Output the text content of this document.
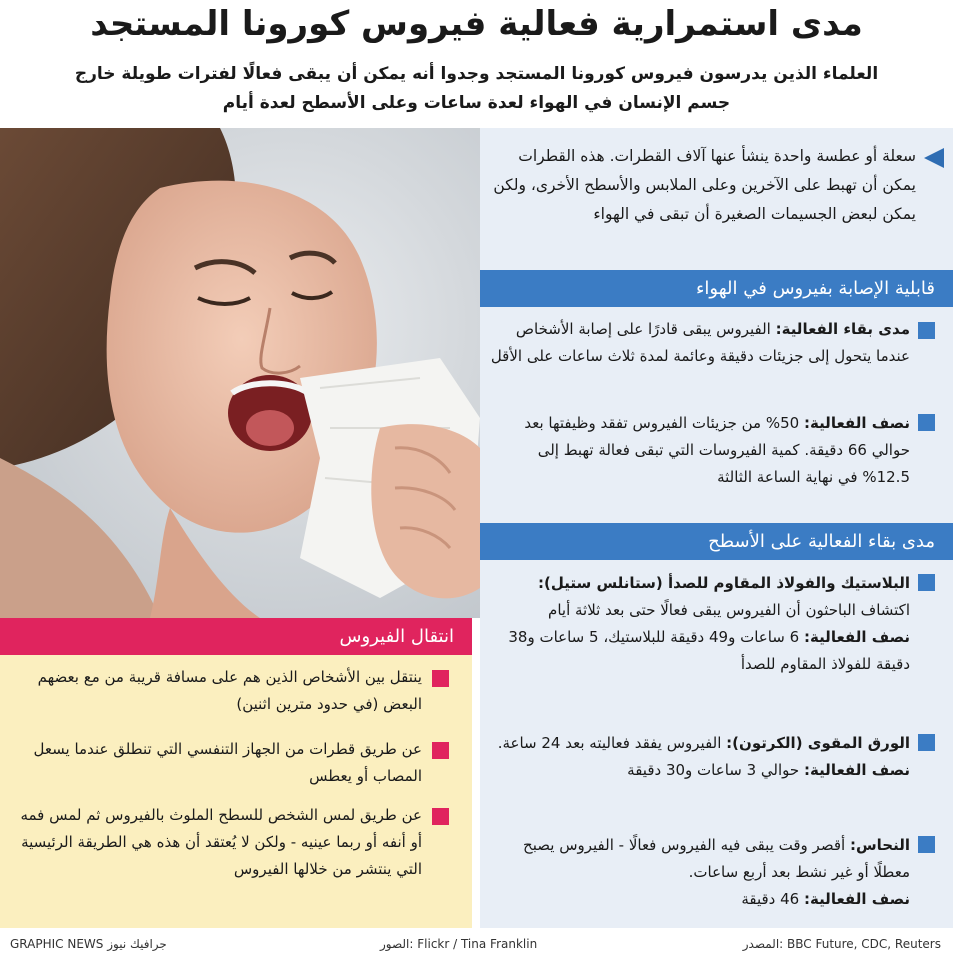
مدى استمرارية فعالية فيروس كورونا المستجد
العلماء الذين يدرسون فيروس كورونا المستجد وجدوا أنه يمكن أن يبقى فعالًا لفترات طويلة خارج جسم الإنسان في الهواء لعدة ساعات وعلى الأسطح لعدة أيام
سعلة أو عطسة واحدة ينشأ عنها آلاف القطرات. هذه القطرات يمكن أن تهبط على الآخرين وعلى الملابس والأسطح الأخرى، ولكن يمكن لبعض الجسيمات الصغيرة أن تبقى في الهواء
قابلية الإصابة بفيروس في الهواء
مدى بقاء الفعالية: الفيروس يبقى قادرًا على إصابة الأشخاص عندما يتحول إلى جزيئات دقيقة وعائمة لمدة ثلاث ساعات على الأقل
نصف الفعالية: 50% من جزيئات الفيروس تفقد وظيفتها بعد حوالي 66 دقيقة. كمية الفيروسات التي تبقى فعالة تهبط إلى 12.5% في نهاية الساعة الثالثة
مدى بقاء الفعالية على الأسطح
البلاستيك والفولاذ المقاوم للصدأ (ستانلس ستيل):
اكتشاف الباحثون أن الفيروس يبقى فعالًا حتى بعد ثلاثة أيام
نصف الفعالية: 6 ساعات و49 دقيقة للبلاستيك، 5 ساعات و38 دقيقة للفولاذ المقاوم للصدأ
الورق المقوى (الكرتون): الفيروس يفقد فعاليته بعد 24 ساعة.
نصف الفعالية: حوالي 3 ساعات و30 دقيقة
النحاس: أقصر وقت يبقى فيه الفيروس فعالًا - الفيروس يصبح معطلًا أو غير نشط بعد أربع ساعات.
نصف الفعالية: 46 دقيقة
انتقال الفيروس
ينتقل بين الأشخاص الذين هم على مسافة قريبة من مع بعضهم البعض (في حدود مترين اثنين)
عن طريق قطرات من الجهاز التنفسي التي تنطلق عندما يسعل المصاب أو يعطس
عن طريق لمس الشخص للسطح الملوث بالفيروس ثم لمس فمه أو أنفه أو ربما عينيه - ولكن لا يُعتقد أن هذه هي الطريقة الرئيسية التي ينتشر من خلالها الفيروس
المصدر: BBC Future, CDC, Reuters
الصور: Flickr / Tina Franklin
GRAPHIC NEWS جرافيك نيوز
